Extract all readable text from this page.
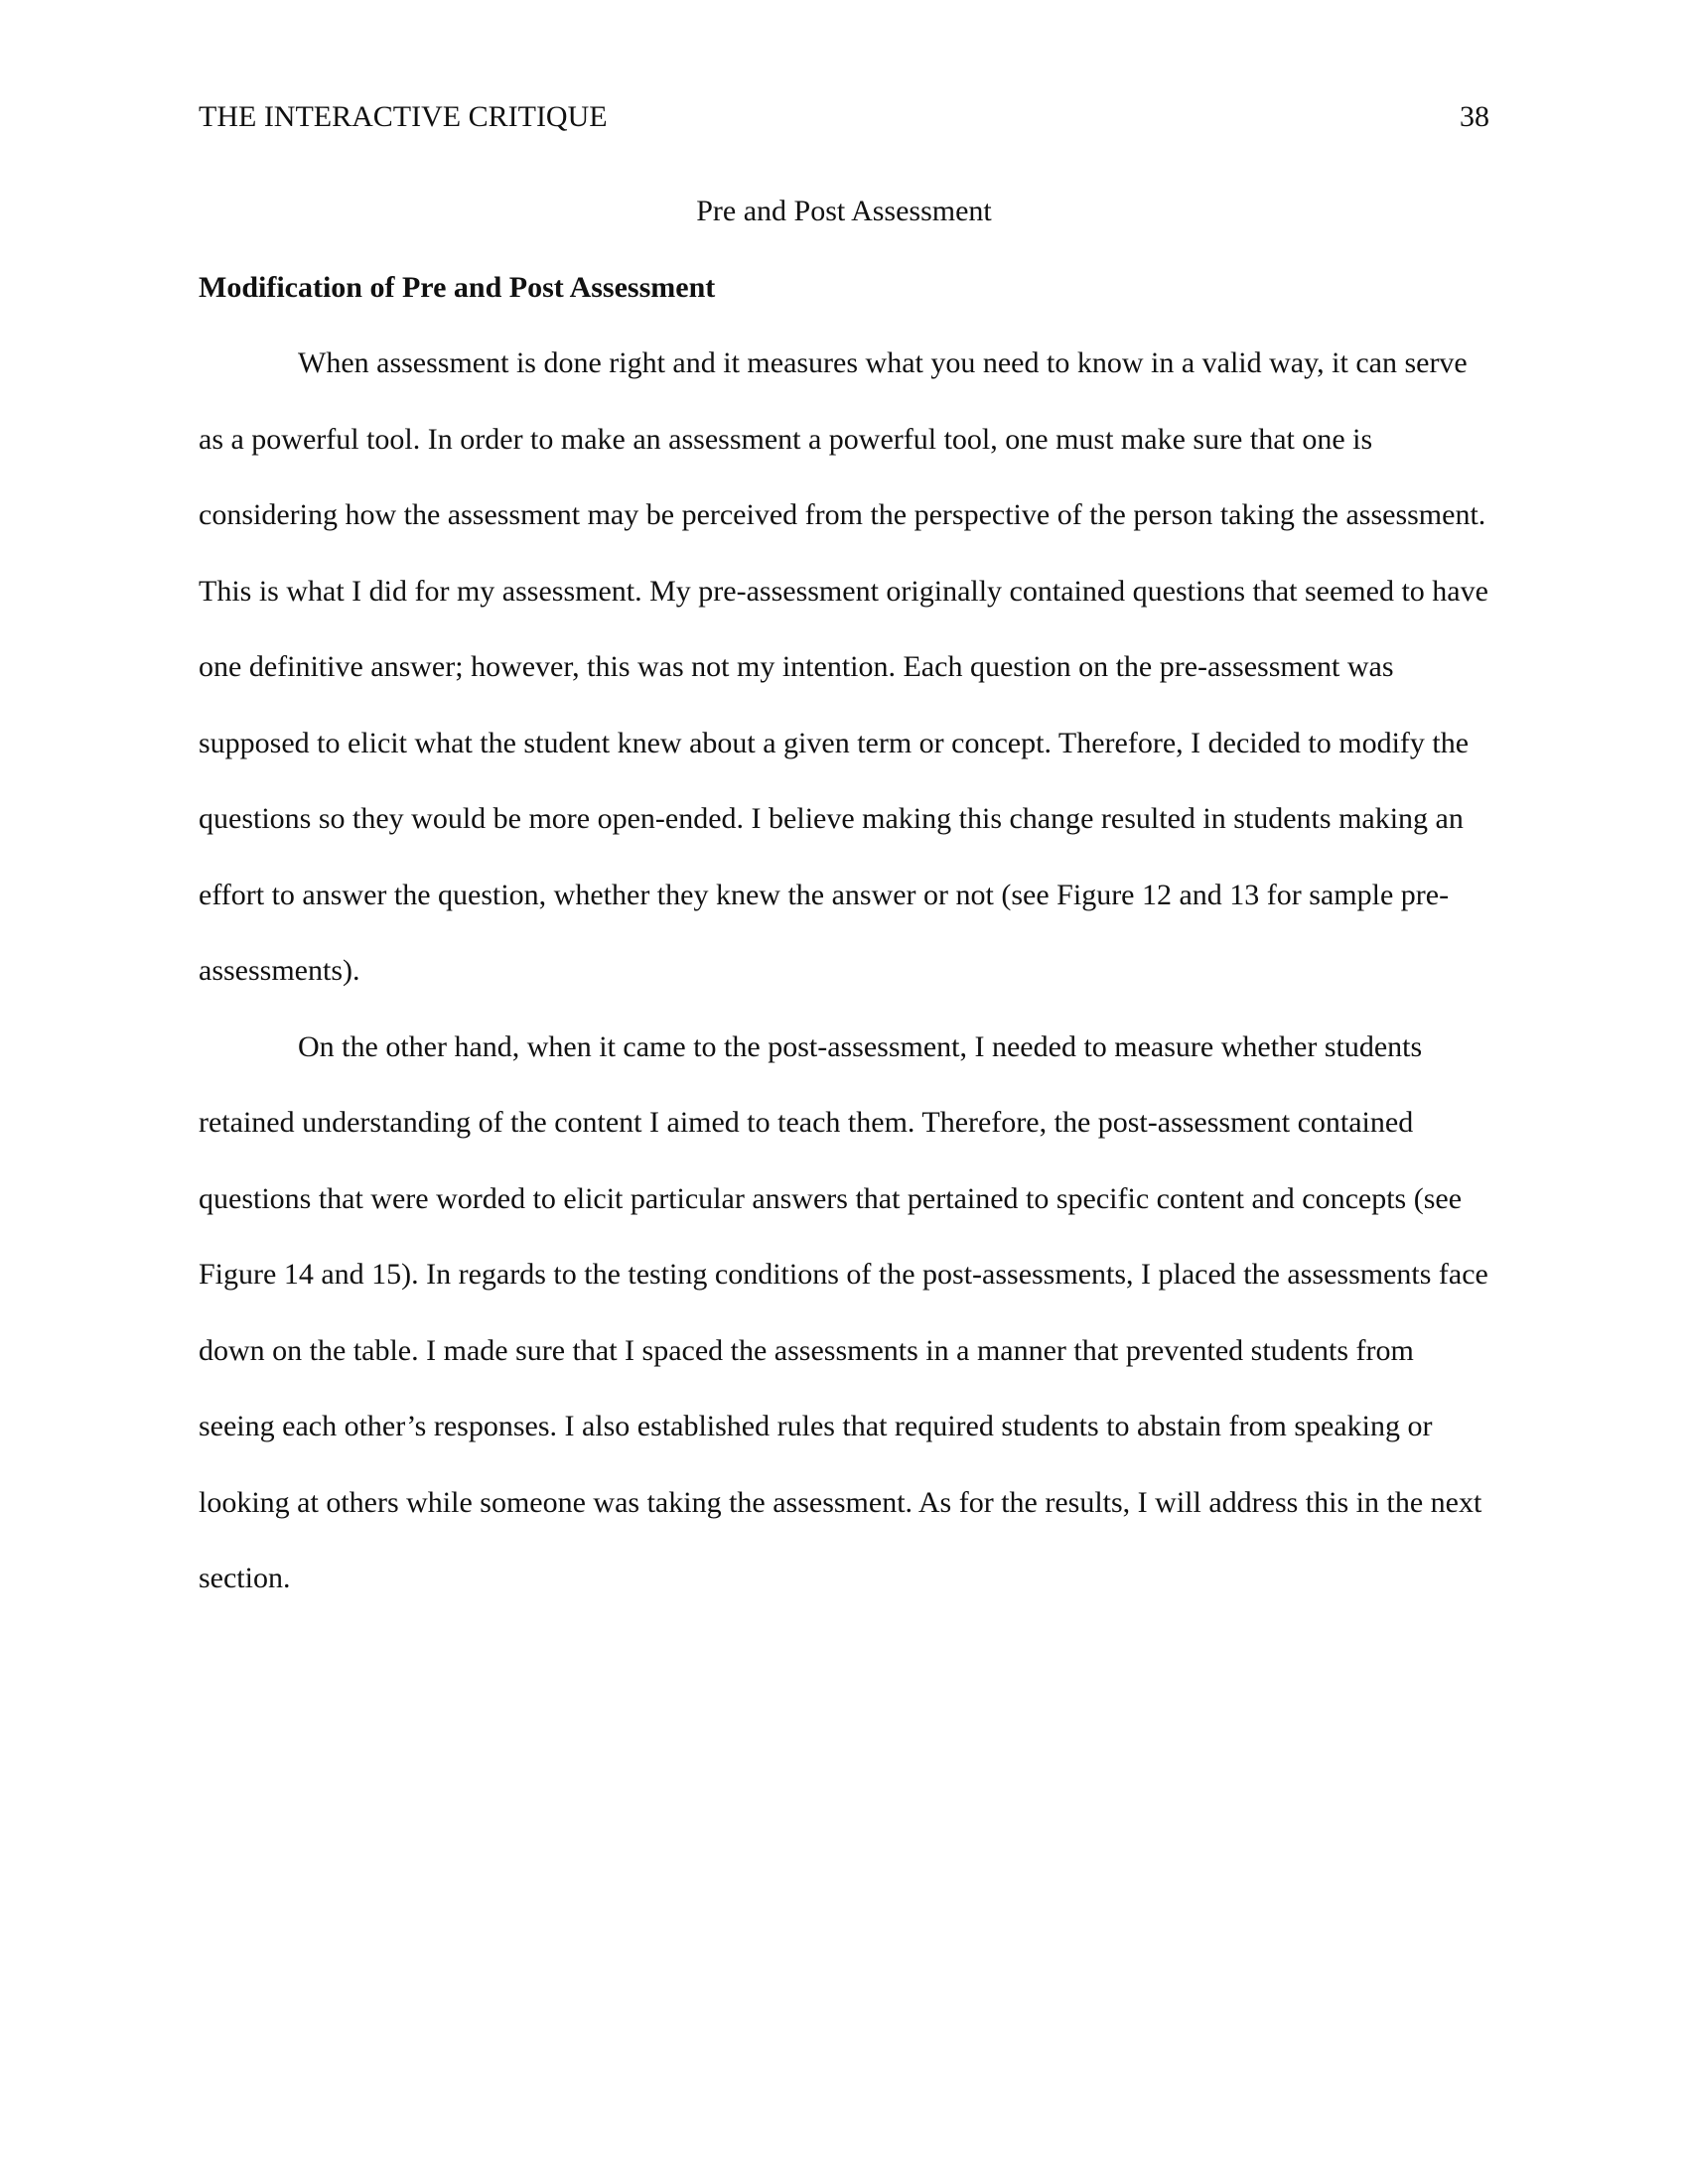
THE INTERACTIVE CRITIQUE	38
Pre and Post Assessment
Modification of Pre and Post Assessment

When assessment is done right and it measures what you need to know in a valid way, it can serve as a powerful tool. In order to make an assessment a powerful tool, one must make sure that one is considering how the assessment may be perceived from the perspective of the person taking the assessment. This is what I did for my assessment. My pre-assessment originally contained questions that seemed to have one definitive answer; however, this was not my intention. Each question on the pre-assessment was supposed to elicit what the student knew about a given term or concept. Therefore, I decided to modify the questions so they would be more open-ended. I believe making this change resulted in students making an effort to answer the question, whether they knew the answer or not (see Figure 12 and 13 for sample pre-assessments).

On the other hand, when it came to the post-assessment, I needed to measure whether students retained understanding of the content I aimed to teach them. Therefore, the post-assessment contained questions that were worded to elicit particular answers that pertained to specific content and concepts (see Figure 14 and 15). In regards to the testing conditions of the post-assessments, I placed the assessments face down on the table. I made sure that I spaced the assessments in a manner that prevented students from seeing each other’s responses. I also established rules that required students to abstain from speaking or looking at others while someone was taking the assessment. As for the results, I will address this in the next section.
